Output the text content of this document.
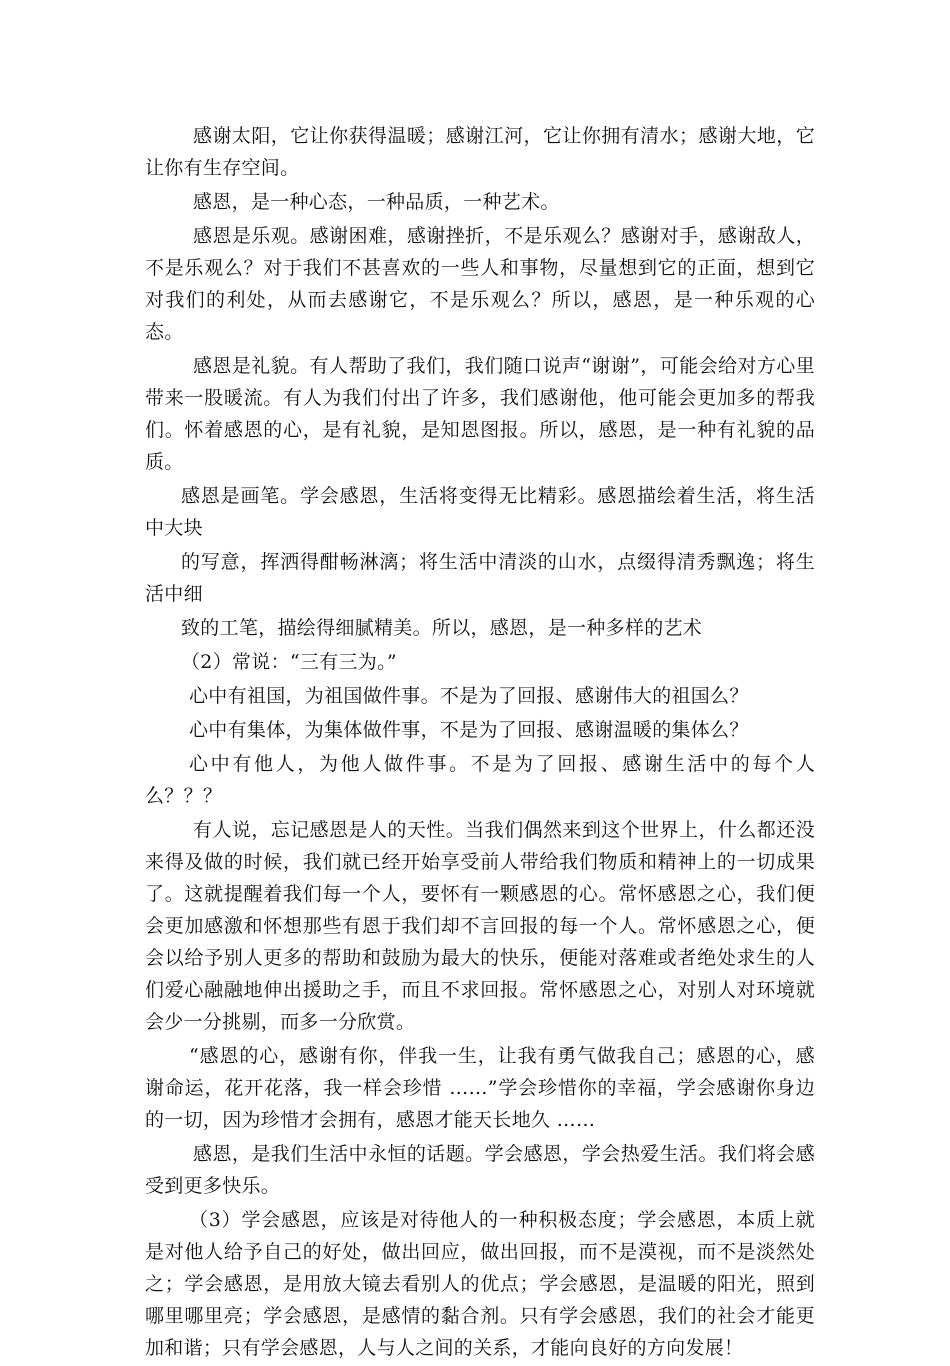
感谢太阳，它让你获得温暖；感谢江河，它让你拥有清水；感谢大地，它让你有生存空间。

感恩，是一种心态，一种品质，一种艺术。

感恩是乐观。感谢困难，感谢挫折，不是乐观么？感谢对手，感谢敌人，不是乐观么？对于我们不甚喜欢的一些人和事物，尽量想到它的正面，想到它对我们的利处，从而去感谢它，不是乐观么？所以，感恩，是一种乐观的心态。

感恩是礼貌。有人帮助了我们，我们随口说声“谢谢”，可能会给对方心里带来一股暖流。有人为我们付出了许多，我们感谢他，他可能会更加多的帮我们。怀着感恩的心，是有礼貌，是知恩图报。所以，感恩，是一种有礼貌的品质。

感恩是画笔。学会感恩，生活将变得无比精彩。感恩描绘着生活，将生活中大块

的写意，挥洒得酣畅淋漓；将生活中清淡的山水，点缀得清秀飘逸；将生活中细

致的工笔，描绘得细腻精美。所以，感恩，是一种多样的艺术

（2）常说：“三有三为。”

心中有祖国，为祖国做件事。不是为了回报、感谢伟大的祖国么？

心中有集体，为集体做件事，不是为了回报、感谢温暖的集体么？

心中有他人，为他人做件事。不是为了回报、感谢生活中的每个人么？？？

有人说，忘记感恩是人的天性。当我们偶然来到这个世界上，什么都还没来得及做的时候，我们就已经开始享受前人带给我们物质和精神上的一切成果了。这就提醒着我们每一个人，要怀有一颗感恩的心。常怀感恩之心，我们便会更加感激和怀想那些有恩于我们却不言回报的每一个人。常怀感恩之心，便会以给予别人更多的帮助和鼓励为最大的快乐，便能对落难或者绝处求生的人们爱心融融地伸出援助之手，而且不求回报。常怀感恩之心，对别人对环境就会少一分挑剔，而多一分欣赏。

“感恩的心，感谢有你，伴我一生，让我有勇气做我自己；感恩的心，感谢命运，花开花落，我一样会珍惜 ……”学会珍惜你的幸福，学会感谢你身边的一切，因为珍惜才会拥有，感恩才能天长地久 ……

感恩，是我们生活中永恒的话题。学会感恩，学会热爱生活。我们将会感受到更多快乐。

（3）学会感恩，应该是对待他人的一种积极态度；学会感恩，本质上就是对他人给予自己的好处，做出回应，做出回报，而不是漠视，而不是淡然处之；学会感恩，是用放大镜去看别人的优点；学会感恩，是温暖的阳光，照到哪里哪里亮；学会感恩，是感情的黏合剂。只有学会感恩，我们的社会才能更加和谐；只有学会感恩，人与人之间的关系，才能向良好的方向发展！
